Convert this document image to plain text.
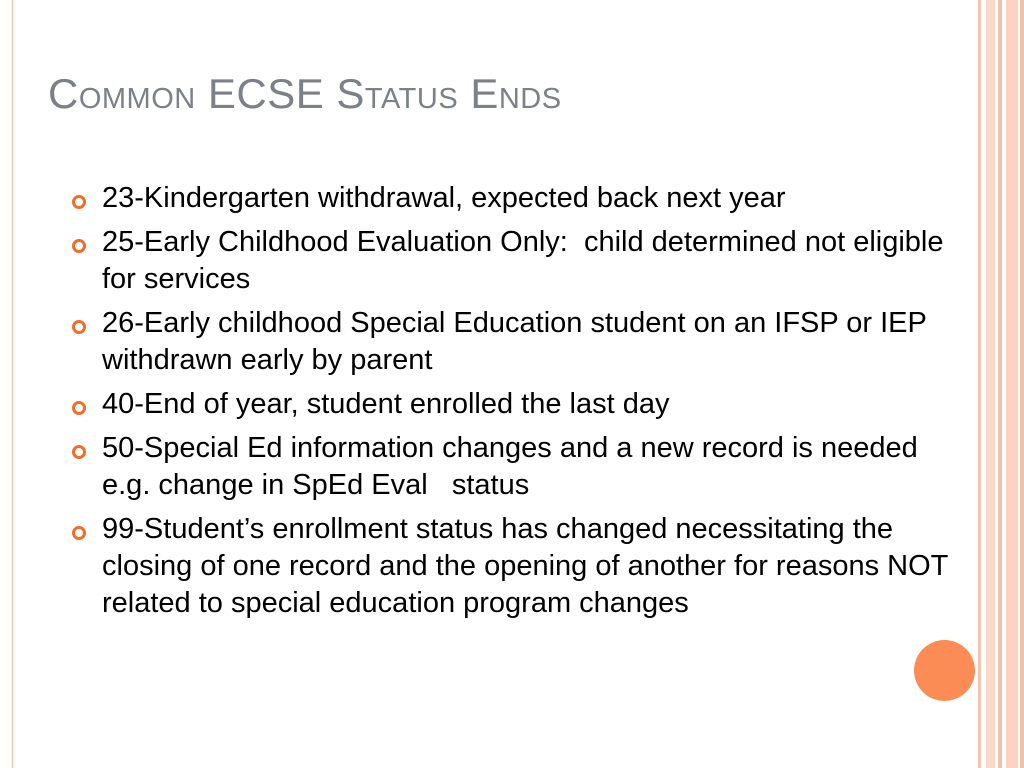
Common ECSE Status Ends
23-Kindergarten withdrawal, expected back next year
25-Early Childhood Evaluation Only:  child determined not eligible for services
26-Early childhood Special Education student on an IFSP or IEP withdrawn early by parent
40-End of year, student enrolled the last day
50-Special Ed information changes and a new record is needed e.g. change in SpEd Eval   status
99-Student’s enrollment status has changed necessitating the closing of one record and the opening of another for reasons NOT related to special education program changes
